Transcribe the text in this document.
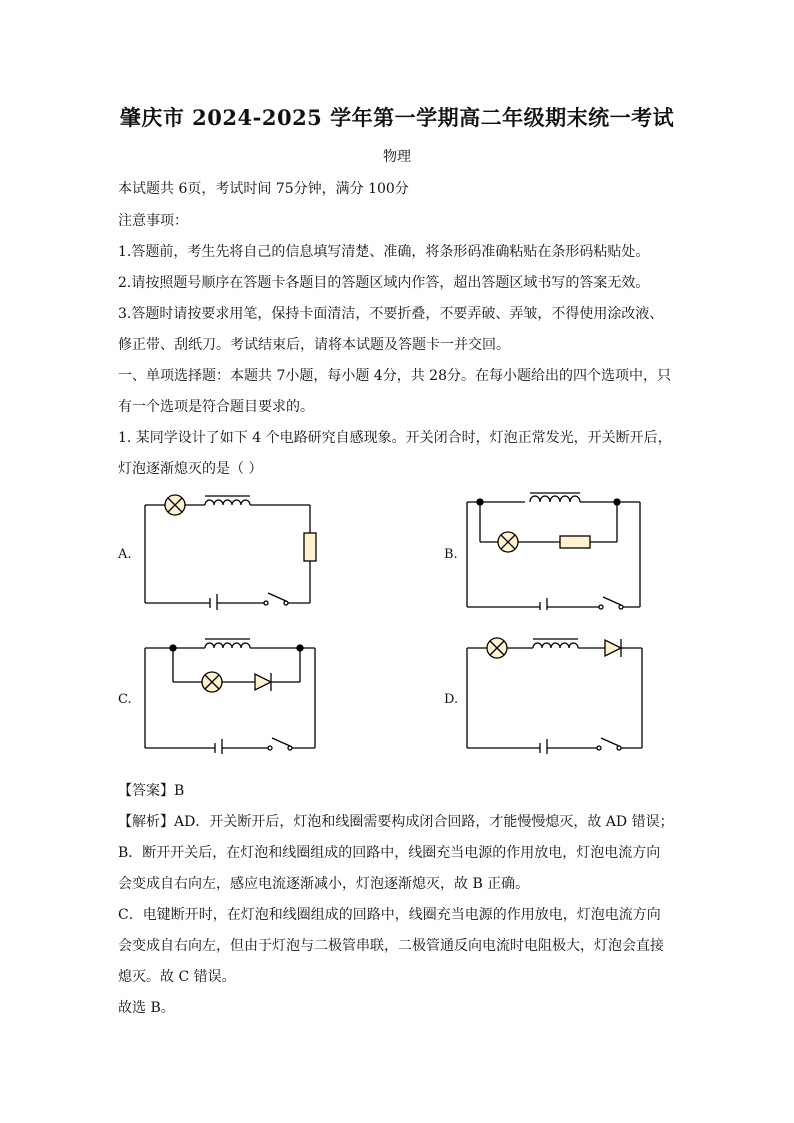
肇庆市 2024-2025 学年第一学期高二年级期末统一考试
物理
本试题共 6页，考试时间 75分钟，满分 100分
注意事项：
1.答题前，考生先将自己的信息填写清楚、准确，将条形码准确粘贴在条形码粘贴处。
2.请按照题号顺序在答题卡各题目的答题区域内作答，超出答题区域书写的答案无效。
3.答题时请按要求用笔，保持卡面清洁，不要折叠，不要弄破、弄皱，不得使用涂改液、
修正带、刮纸刀。考试结束后，请将本试题及答题卡一并交回。
一、单项选择题：本题共 7小题，每小题 4分，共 28分。在每小题给出的四个选项中，只
有一个选项是符合题目要求的。
1. 某同学设计了如下 4 个电路研究自感现象。开关闭合时，灯泡正常发光，开关断开后，
灯泡逐渐熄灭的是（ ）
A.	B.
C.	D.
【答案】B
【解析】AD．开关断开后，灯泡和线圈需要构成闭合回路，才能慢慢熄灭，故 AD 错误；
B．断开开关后，在灯泡和线圈组成的回路中，线圈充当电源的作用放电，灯泡电流方向
会变成自右向左，感应电流逐渐减小，灯泡逐渐熄灭，故 B 正确。
C．电键断开时，在灯泡和线圈组成的回路中，线圈充当电源的作用放电，灯泡电流方向
会变成自右向左，但由于灯泡与二极管串联，二极管通反向电流时电阻极大，灯泡会直接
熄灭。故 C 错误。
故选 B。
